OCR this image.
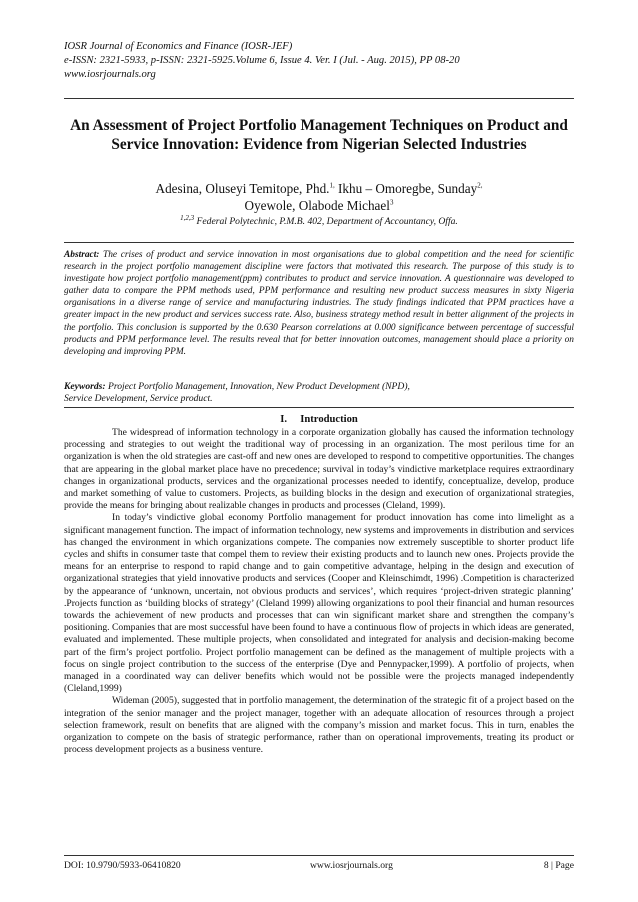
IOSR Journal of Economics and Finance (IOSR-JEF)
e-ISSN: 2321-5933, p-ISSN: 2321-5925.Volume 6, Issue 4. Ver. I (Jul. - Aug. 2015), PP 08-20
www.iosrjournals.org
An Assessment of Project Portfolio Management Techniques on Product and Service Innovation: Evidence from Nigerian Selected Industries
Adesina, Oluseyi Temitope, Phd.$^{1,}$ Ikhu – Omoregbe, Sunday$^{2,}$
Oyewole, Olabode Michael$^3$
$^{1,2,3}$ Federal Polytechnic, P.M.B. 402, Department of Accountancy, Offa.
Abstract: The crises of product and service innovation in most organisations due to global competition and the need for scientific research in the project portfolio management discipline were factors that motivated this research. The purpose of this study is to investigate how project portfolio management(ppm) contributes to product and service innovation. A questionnaire was developed to gather data to compare the PPM methods used, PPM performance and resulting new product success measures in sixty Nigeria organisations in a diverse range of service and manufacturing industries. The study findings indicated that PPM practices have a greater impact in the new product and services success rate. Also, business strategy method result in better alignment of the projects in the portfolio. This conclusion is supported by the 0.630 Pearson correlations at 0.000 significance between percentage of successful products and PPM performance level. The results reveal that for better innovation outcomes, management should place a priority on developing and improving PPM.
Keywords: Project Portfolio Management, Innovation, New Product Development (NPD),
Service Development, Service product.
I. Introduction

The widespread of information technology in a corporate organization globally has caused the information technology processing and strategies to out weight the traditional way of processing in an organization. The most perilous time for an organization is when the old strategies are cast-off and new ones are developed to respond to competitive opportunities. The changes that are appearing in the global market place have no precedence; survival in today’s vindictive marketplace requires extraordinary changes in organizational products, services and the organizational processes needed to identify, conceptualize, develop, produce and market something of value to customers. Projects, as building blocks in the design and execution of organizational strategies, provide the means for bringing about realizable changes in products and processes (Cleland, 1999).

In today’s vindictive global economy Portfolio management for product innovation has come into limelight as a significant management function. The impact of information technology, new systems and improvements in distribution and services has changed the environment in which organizations compete. The companies now extremely susceptible to shorter product life cycles and shifts in consumer taste that compel them to review their existing products and to launch new ones. Projects provide the means for an enterprise to respond to rapid change and to gain competitive advantage, helping in the design and execution of organizational strategies that yield innovative products and services (Cooper and Kleinschimdt, 1996) .Competition is characterized by the appearance of ‘unknown, uncertain, not obvious products and services’, which requires ‘project-driven strategic planning’ .Projects function as ‘building blocks of strategy’ (Cleland 1999) allowing organizations to pool their financial and human resources towards the achievement of new products and processes that can win significant market share and strengthen the company’s positioning. Companies that are most successful have been found to have a continuous flow of projects in which ideas are generated, evaluated and implemented. These multiple projects, when consolidated and integrated for analysis and decision-making become part of the firm’s project portfolio. Project portfolio management can be defined as the management of multiple projects with a focus on single project contribution to the success of the enterprise (Dye and Pennypacker,1999). A portfolio of projects, when managed in a coordinated way can deliver benefits which would not be possible were the projects managed independently (Cleland,1999)

Wideman (2005), suggested that in portfolio management, the determination of the strategic fit of a project based on the integration of the senior manager and the project manager, together with an adequate allocation of resources through a project selection framework, result on benefits that are aligned with the company’s mission and market focus. This in turn, enables the organization to compete on the basis of strategic performance, rather than on operational improvements, treating its product or process development projects as a business venture.

DOI: 10.9790/5933-06410820	www.iosrjournals.org	8 | Page
